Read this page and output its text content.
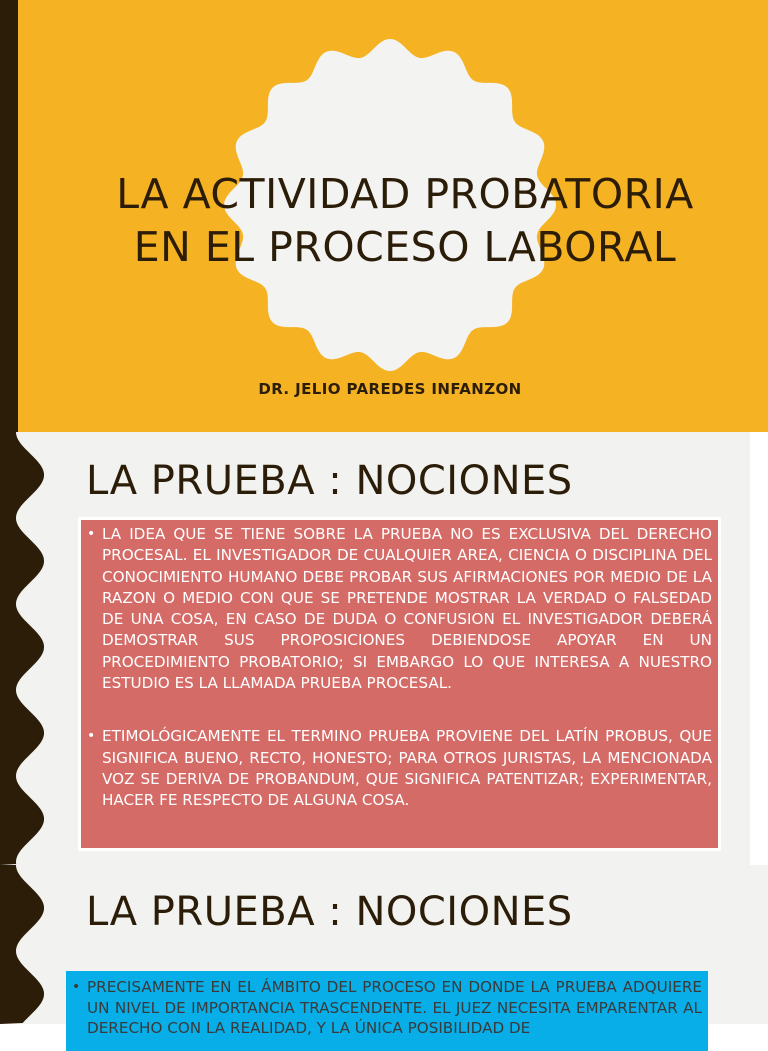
LA ACTIVIDAD PROBATORIA
EN EL PROCESO LABORAL
DR. JELIO PAREDES INFANZON
LA PRUEBA : NOCIONES
• LA IDEA QUE SE TIENE SOBRE LA PRUEBA NO ES EXCLUSIVA DEL DERECHO PROCESAL. EL INVESTIGADOR DE CUALQUIER AREA, CIENCIA O DISCIPLINA DEL CONOCIMIENTO HUMANO DEBE PROBAR SUS AFIRMACIONES POR MEDIO DE LA RAZON O MEDIO CON QUE SE PRETENDE MOSTRAR LA VERDAD O FALSEDAD DE UNA COSA, EN CASO DE DUDA O CONFUSION EL INVESTIGADOR DEBERÁ DEMOSTRAR SUS PROPOSICIONES DEBIENDOSE APOYAR EN UN PROCEDIMIENTO PROBATORIO; SI EMBARGO LO QUE INTERESA A NUESTRO ESTUDIO ES LA LLAMADA PRUEBA PROCESAL.
• ETIMOLÓGICAMENTE EL TERMINO PRUEBA PROVIENE DEL LATÍN PROBUS, QUE SIGNIFICA BUENO, RECTO, HONESTO; PARA OTROS JURISTAS, LA MENCIONADA VOZ SE DERIVA DE PROBANDUM, QUE SIGNIFICA PATENTIZAR; EXPERIMENTAR, HACER FE RESPECTO DE ALGUNA COSA.
LA PRUEBA : NOCIONES
• PRECISAMENTE EN EL ÁMBITO DEL PROCESO EN DONDE LA PRUEBA ADQUIERE UN NIVEL DE IMPORTANCIA TRASCENDENTE. EL JUEZ NECESITA EMPARENTAR AL DERECHO CON LA REALIDAD, Y LA ÚNICA POSIBILIDAD DE
